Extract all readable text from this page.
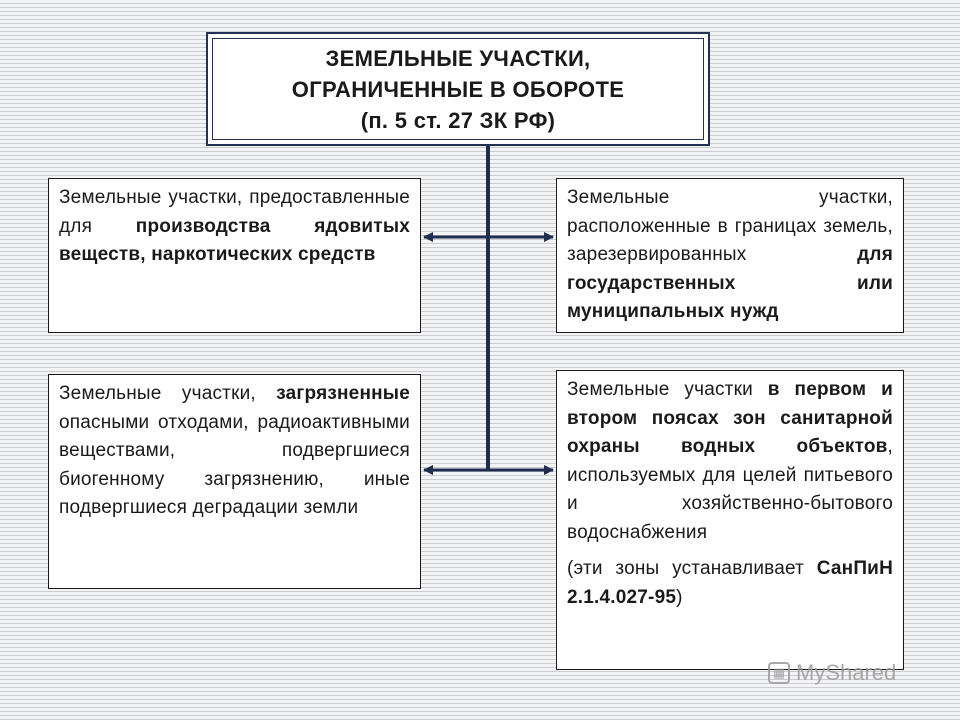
ЗЕМЕЛЬНЫЕ УЧАСТКИ,
ОГРАНИЧЕННЫЕ В ОБОРОТЕ
(п. 5 ст. 27 ЗК РФ)
Земельные участки, предоставленные для производства ядовитых веществ, наркотических средств
Земельные участки, расположенные в границах земель, зарезервированных для государственных или муниципальных нужд
Земельные участки, загрязненные опасными отходами, радиоактивными веществами, подвергшиеся биогенному загрязнению, иные подвергшиеся деградации земли
Земельные участки в первом и втором поясах зон санитарной охраны водных объектов, используемых для целей питьевого и хозяйственно-бытового водоснабжения
(эти зоны устанавливает СанПиН 2.1.4.027-95)
▦ MyShared
